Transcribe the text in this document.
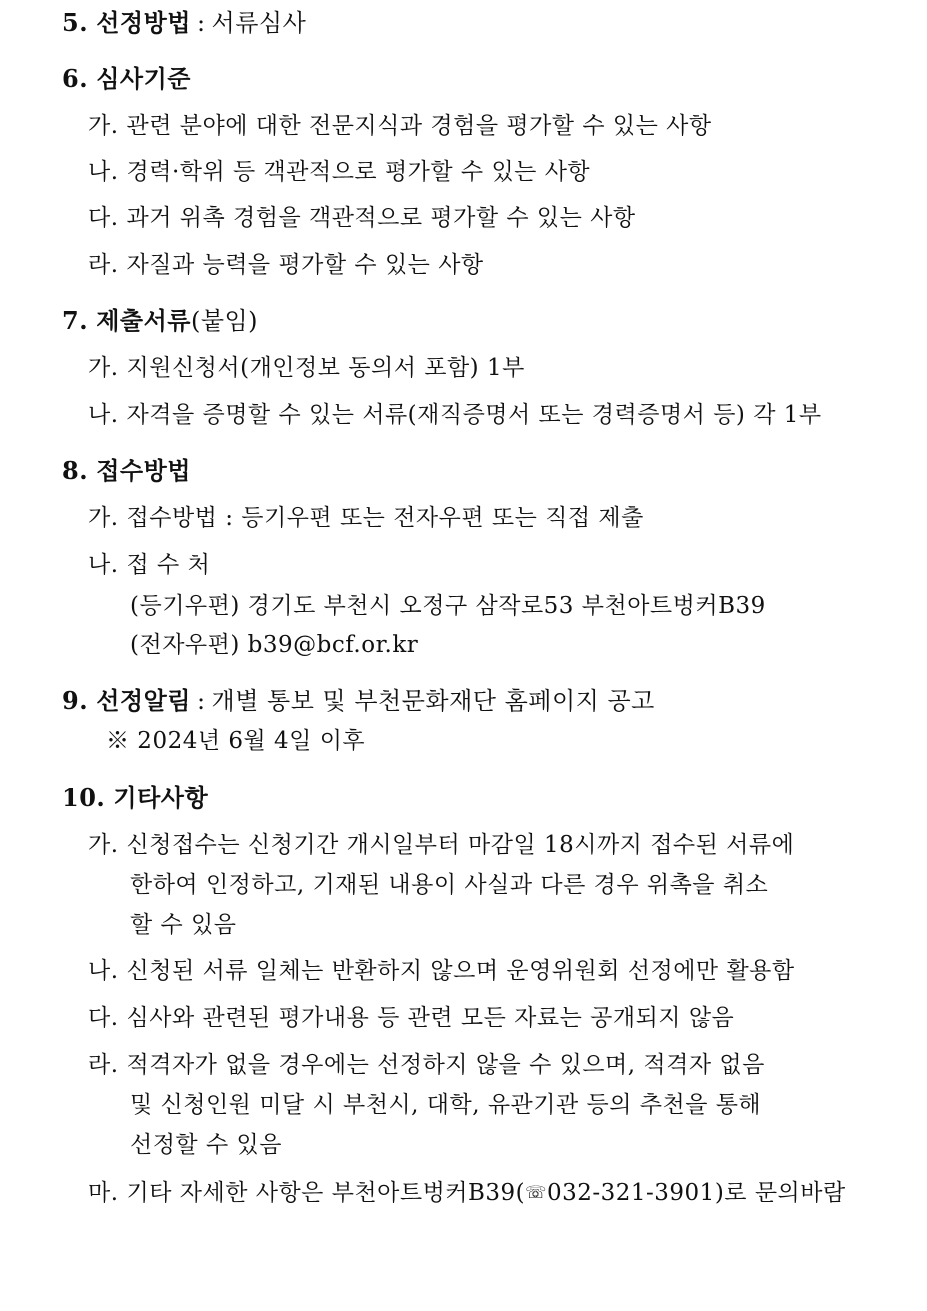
5. 선정방법 : 서류심사
6. 심사기준
가. 관련 분야에 대한 전문지식과 경험을 평가할 수 있는 사항
나. 경력·학위 등 객관적으로 평가할 수 있는 사항
다. 과거 위촉 경험을 객관적으로 평가할 수 있는 사항
라. 자질과 능력을 평가할 수 있는 사항
7. 제출서류(붙임)
가. 지원신청서(개인정보 동의서 포함) 1부
나. 자격을 증명할 수 있는 서류(재직증명서 또는 경력증명서 등) 각 1부
8. 접수방법
가. 접수방법 : 등기우편 또는 전자우편 또는 직접 제출
나. 접 수 처
(등기우편) 경기도 부천시 오정구 삼작로53 부천아트벙커B39
(전자우편) b39@bcf.or.kr
9. 선정알림 : 개별 통보 및 부천문화재단 홈페이지 공고
※ 2024년 6월 4일 이후
10. 기타사항
가. 신청접수는 신청기간 개시일부터 마감일 18시까지 접수된 서류에
한하여 인정하고, 기재된 내용이 사실과 다른 경우 위촉을 취소
할 수 있음
나. 신청된 서류 일체는 반환하지 않으며 운영위원회 선정에만 활용함
다. 심사와 관련된 평가내용 등 관련 모든 자료는 공개되지 않음
라. 적격자가 없을 경우에는 선정하지 않을 수 있으며, 적격자 없음
및 신청인원 미달 시 부천시, 대학, 유관기관 등의 추천을 통해
선정할 수 있음
마. 기타 자세한 사항은 부천아트벙커B39(☏032-321-3901)로 문의바람
